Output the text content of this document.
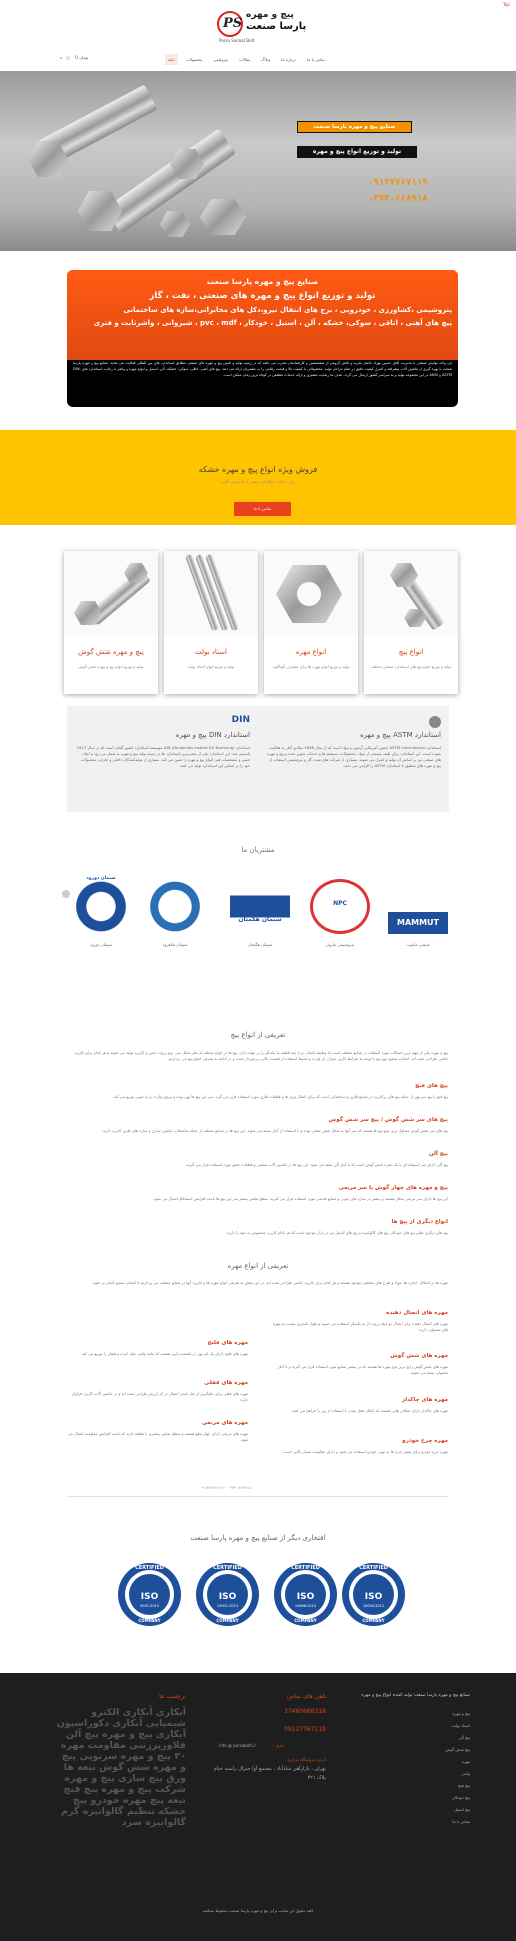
PS
پیچ و مهره
پارسا صنعت
Parsa Sanaat Bolt
Top
خانه	محصولات	پترولیمی	مقالات	وبلاگ	درباره ما	تماس با ما
⌕ 🛒 0 تومان
صنایع پیچ و مهره پارسا صنعت
تولید و توزیع انواع پیچ و مهره
۰۹۱۲۷۷۶۷۱۱۹
۰۳۷۴۰۶۶۸۹۱۸
صنایع پیچ و مهره پارسا صنعت
تولید و توزیع انواع پیچ و مهره های صنعتی ، نفت ، گاز
پتروشیمی ،کشاورزی ، خودرویی ، برج های انتقال نیرو،دکل های مخابراتی،سازه های ساختمانی
پیچ های آهنی ، اتاقی ، سوکی، خشکه ، آلن ، استیل ، خودکار ، pvc ، mdf ، شیروانی ، واشرثابت و فنری
این واحد تولیدی صنعتی با مدیریت آقای حسین بهزاد حاصل تجربه و تلاش گروهی از متخصصین و کارشناسان مجرب می باشد که در زمینه تولید و تامین پیچ و مهره های صنعتی مطابق استاندارد های بین المللی فعالیت می نماید. صنایع پیچ و مهره پارسا صنعت با بهره گیری از ماشین آلات پیشرفته و کنترل کیفیت دقیق در تمام مراحل تولید، محصولاتی با کیفیت بالا و قیمت رقابتی را به مشتریان ارائه می دهد. پیچ های آهنی، اتاقی، سوکی، خشکه، آلن، استیل و انواع مهره و واشر با رعایت استاندارد های DIN، ASTM و ANSI در این مجموعه تولید و به سراسر کشور ارسال می گردد. هدف ما رضایت مشتری و ارائه خدمات مطمئن در کوتاه ترین زمان ممکن است.
فروش ویژه انواع پیچ و مهره خشکه
برای دریافت اطلاعات بیشتر با ما تماس بگیرید
تماس با ما
انواع پیچ
تولید و توزیع انواع پیچ های استاندارد صنعتی مختلف
انواع مهره
تولید و توزیع انواع مهره ها برای مصارف گوناگون
استاد بولت
تولید و توزیع انواع استاد بولت
پیچ و مهره شش گوش
تولید و توزیع انواع پیچ و مهره شش گوش
استاندارد ASTM پیچ و مهره
استاندارد ASTM International انجمن آمریکایی آزمون و مواد است که از سال 1898 میلادی آغاز به فعالیت نموده است. این استاندارد برای طیف وسیعی از مواد، محصولات، سیستم ها و خدمات تدوین شده و پیچ و مهره های صنعتی نیز بر اساس آن تولید و کنترل می شوند. بسیاری از شرکت های نفت، گاز و پتروشیمی استفاده از پیچ و مهره های منطبق با استاندارد ASTM را الزامی می دانند.
DIN
استاندارد DIN پیچ و مهره
استاندارد DIN (Deutsches Institut für Normung) موسسه استاندارد کشور آلمان است که در سال 1917 تاسیس شد. این استاندارد یکی از معتبرترین استاندارد ها در زمینه تولید پیچ و مهره به شمار می رود و ابعاد، جنس و مشخصات فنی انواع پیچ و مهره را تعیین می کند. بسیاری از تولیدکنندگان داخلی و خارجی محصولات خود را بر اساس این استاندارد تولید می کنند.
مشتریان ما
سیمان شاهرود
سیمان دورود
سیمان دورود
سیمان هگمتان
سیمان هگمتان
NPC
پتروشیمی مارون
MAMMUT
صنعتی ماموت
تعریفی از انواع پیچ
پیچ و مهره یکی از مهم ترین اتصالات مورد استفاده در صنایع مختلف است که وظیفه اتصال دو یا چند قطعه به یکدیگر را بر عهده دارد. پیچ ها در انواع مختلف از نظر شکل سر، نوع رزوه، جنس و کاربرد تولید می شوند و هر کدام برای کاربرد خاصی طراحی شده اند. انتخاب صحیح نوع پیچ با توجه به شرایط کاری، میزان بار وارده و محیط استفاده از اهمیت بالایی برخوردار است و در ادامه به معرفی انواع پیچ می پردازیم.
پیچ های فنچ
پیچ فنچ یا پیچ سر پهن از جمله پیچ های پرکاربرد در صنایع فلزی و ساختمانی است که برای اتصال ورق ها و قطعات فلزی مورد استفاده قرار می گیرد. سر این پیچ ها پهن بوده و نیروی وارده را به خوبی توزیع می کند.
پیچ های سر شش گوش / پیچ سر شش گوش
پیچ های سر شش گوش متداول ترین نوع پیچ ها هستند که سر آنها به شکل شش ضلعی بوده و با استفاده از آچار بسته می شوند. این پیچ ها در صنایع مختلف از جمله ساختمان، ماشین سازی و سازه های فلزی کاربرد دارند.
پیچ آلن
پیچ آلن دارای سر استوانه ای با یک حفره شش گوش است که با آچار آلن بسته می شود. این پیچ ها در ماشین آلات صنعتی و قطعات دقیق مورد استفاده قرار می گیرند.
پیچ و مهره های چهار گوش یا سر مربعی
این پیچ ها دارای سر مربعی شکل هستند و بیشتر در سازه های چوبی و صنایع قدیمی مورد استفاده قرار می گیرند. سطح تماس بیشتر سر این پیچ ها باعث افزایش استحکام اتصال می شود.
انواع دیگری از پیچ ها
پیچ های دیگری نظیر پیچ های خودکار، پیچ های گالوانیزه و پیچ های استیل نیز در بازار موجود است که هر کدام کاربرد مخصوص به خود را دارند.
تعریفی از انواع مهره
مهره ها در اشکال، اندازه ها، مواد و طرح های مختلفی موجود هستند و هر کدام برای کاربرد خاصی طراحی شده اند. در این بخش به معرفی انواع مهره ها و کاربرد آنها در صنایع مختلف می پردازیم تا انتخاب صحیح آسان تر شود.
مهره های اتصال دهنده
مهره های اتصال دهنده برای اتصال دو میله رزوه دار به یکدیگر استفاده می شوند و طول بلندتری نسبت به مهره های معمولی دارند.
مهره های فلنج
مهره های فلنج دارای یک لبه پهن در قسمت پایین هستند که مانند واشر عمل کرده و فشار را توزیع می کند.	مهره های شش گوش
مهره های شش گوش رایج ترین نوع مهره ها هستند که در بیشتر صنایع مورد استفاده قرار می گیرند و با آچار معمولی بسته می شوند.
مهره های قفلی
مهره های قفلی برای جلوگیری از شل شدن اتصال در اثر لرزش طراحی شده اند و در ماشین آلات کاربرد فراوان دارند.	مهره های چاکدار
مهره های چاکدار دارای شکاف هایی هستند که امکان قفل شدن با استفاده از پین را فراهم می کنند.
مهره های مربعی
مهره های مربعی دارای چهار ضلع هستند و سطح تماس بیشتری با قطعه دارند که باعث افزایش مقاومت اتصال می شود.	مهره چرخ خودرو
مهره چرخ خودرو برای بستن چرخ ها به توپی خودرو استفاده می شود و دارای مقاومت بسیار بالایی است.
۰۹۱۲۷۷۶۷۱۱۹ - ۰۳۷۴۰۶۶۸۹۱۸
افتخاری دیگر از صنایع پیچ و مهره پارسا صنعت
ISO
9001:2015
CERTIFIED
COMPANY
ISO
14001:2015
CERTIFIED
COMPANY
ISO
10668:2010
CERTIFIED
COMPANY
ISO
10004:2012
CERTIFIED
COMPANY
صنایع پیچ و مهره پارسا صنعت تولید کننده انواع پیچ و مهره
پیچ و مهره
استاد بولت
پیچ آلن
پیچ شش گوش
مهره
واشر
پیچ فنچ
پیچ خودکار
پیچ استیل
تماس با ما
تلفن های تماس
37460668318
09127767119
ایمیل :
info @ parsabolt.ir
آدرس فروشگاه مرکزی :
تهران ، بازارآهن شادآباد ، مجتمع آوا جنرال راسته خیام پلاک ۴۲۱
برچسب ها
آبکاری آبکاری الکترو شیمیایی آبکاری دکوراسیون آبکاری پیچ و مهره پیچ آلن فلاورپرزتنی مقاومت مهره ۳۰ پیچ و مهره سرتوپی پیچ و مهره شش گوش تیغه ها ورق پیچ سازی پیچ و مهره شرکت پیچ و مهره پیچ فنچ تیغه پیچ مهره خودرو پیچ خشکه تنطیم گالوانیزه گرم گالوانیزه سرد
کلیه حقوق این سایت برای پیچ و مهره پارسا صنعت محفوظ میباشد
